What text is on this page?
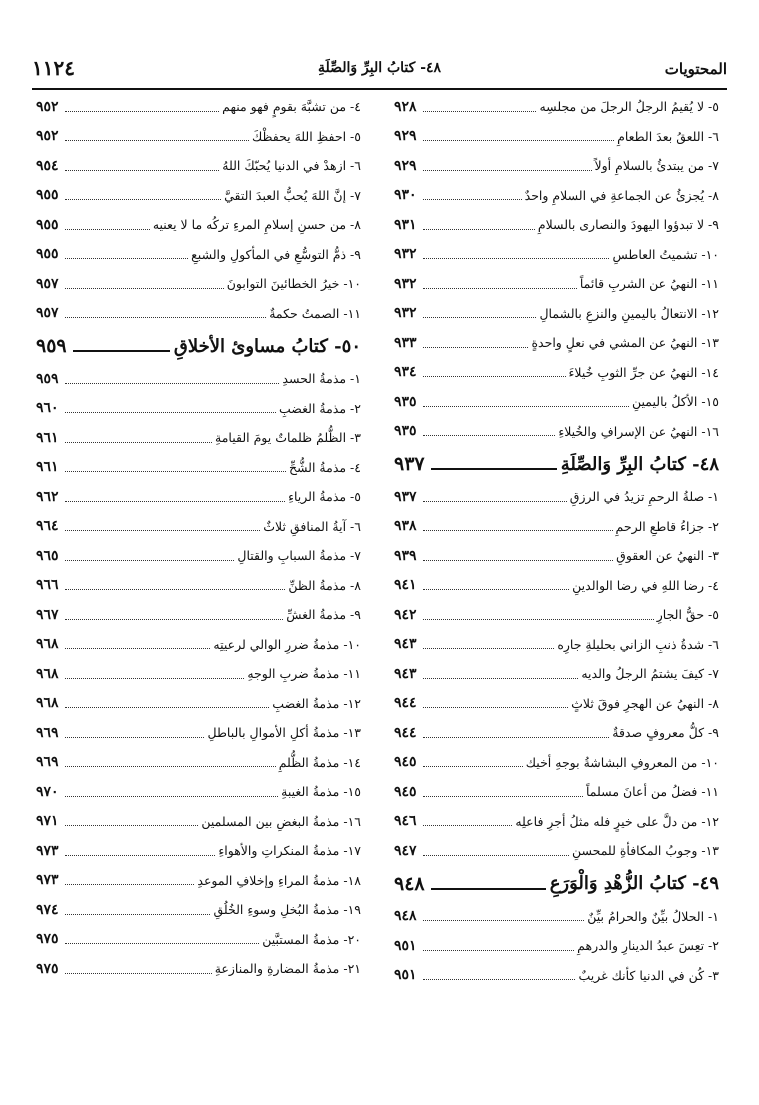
المحتويات
٤٨- كتابُ البِرِّ وَالصِّلَةِ
١١٢٤
٥- لا يُقيمُ الرجلُ الرجلَ من مجلسِه
٩٢٨
٦- اللعقُ بعدَ الطعامِ
٩٢٩
٧- من يبتدئُ بالسلامِ أولاً
٩٢٩
٨- يُجزئُ عن الجماعةِ في السلامِ واحدٌ
٩٣٠
٩- لا تبدؤوا اليهودَ والنصارى بالسلامِ
٩٣١
١٠- تشميتُ العاطسِ
٩٣٢
١١- النهيُ عن الشربِ قائماً
٩٣٢
١٢- الانتعالُ باليمينِ والنزعِ بالشمالِ
٩٣٢
١٣- النهيُ عن المشي في نعلٍ واحدةٍ
٩٣٣
١٤- النهيُ عن جرِّ الثوبِ خُيلاءَ
٩٣٤
١٥- الأكلُ باليمينِ
٩٣٥
١٦- النهيُ عن الإسرافِ والخُيلاءِ
٩٣٥
٤٨- كتابُ البِرِّ وَالصِّلَةِ
٩٣٧
١- صلةُ الرحمِ تزيدُ في الرزقِ
٩٣٧
٢- جزاءُ قاطعِ الرحمِ
٩٣٨
٣- النهيُ عن العقوقِ
٩٣٩
٤- رضا اللهِ في رضا الوالدينِ
٩٤١
٥- حقُّ الجارِ
٩٤٢
٦- شدةُ ذنبِ الزاني بحليلةِ جارِه
٩٤٣
٧- كيفَ يشتمُ الرجلُ والديه
٩٤٣
٨- النهيُ عن الهجرِ فوقَ ثلاثٍ
٩٤٤
٩- كلُّ معروفٍ صدقةٌ
٩٤٤
١٠- من المعروفِ البشاشةُ بوجهِ أخيك
٩٤٥
١١- فضلُ من أعانَ مسلماً
٩٤٥
١٢- من دلَّ على خيرٍ فله مثلُ أجرِ فاعلِه
٩٤٦
١٣- وجوبُ المكافأةِ للمحسنِ
٩٤٧
٤٩- كتابُ الزُّهْدِ وَالْوَرَعِ
٩٤٨
١- الحلالُ بيِّنٌ والحرامُ بيِّنٌ
٩٤٨
٢- تعِسَ عبدُ الدينارِ والدرهمِ
٩٥١
٣- كُن في الدنيا كأنك غريبٌ
٩٥١
٤- من تشبَّهَ بقومٍ فهو منهم
٩٥٢
٥- احفظِ اللهَ يحفظْكَ
٩٥٢
٦- ازهدْ في الدنيا يُحبّكَ اللهُ
٩٥٤
٧- إنَّ اللهَ يُحبُّ العبدَ التقيَّ
٩٥٥
٨- من حسنِ إسلامِ المرءِ تركُه ما لا يعنيه
٩٥٥
٩- ذمُّ التوسُّعِ في المأكولِ والشبعِ
٩٥٥
١٠- خيرُ الخطائينَ التوابونَ
٩٥٧
١١- الصمتُ حكمةٌ
٩٥٧
٥٠- كتابُ مساوئ الأخلاقِ
٩٥٩
١- مذمةُ الحسدِ
٩٥٩
٢- مذمةُ الغضبِ
٩٦٠
٣- الظُّلمُ ظلماتٌ يومَ القيامةِ
٩٦١
٤- مذمةُ الشُّحِّ
٩٦١
٥- مذمةُ الرياءِ
٩٦٢
٦- آيةُ المنافقِ ثلاثٌ
٩٦٤
٧- مذمةُ السبابِ والقتالِ
٩٦٥
٨- مذمةُ الظنِّ
٩٦٦
٩- مذمةُ الغشِّ
٩٦٧
١٠- مذمةُ ضررِ الوالي لرعيتِه
٩٦٨
١١- مذمةُ ضربِ الوجهِ
٩٦٨
١٢- مذمةُ الغضبِ
٩٦٨
١٣- مذمةُ أكلِ الأموالِ بالباطلِ
٩٦٩
١٤- مذمةُ الظُّلمِ
٩٦٩
١٥- مذمةُ الغيبةِ
٩٧٠
١٦- مذمةُ البغضِ بين المسلمين
٩٧١
١٧- مذمةُ المنكراتِ والأهواءِ
٩٧٣
١٨- مذمةُ المراءِ وإخلافِ الموعدِ
٩٧٣
١٩- مذمةُ البُخلِ وسوءِ الخُلُقِ
٩٧٤
٢٠- مذمةُ المستبَّين
٩٧٥
٢١- مذمةُ المضارةِ والمنازعةِ
٩٧٥
